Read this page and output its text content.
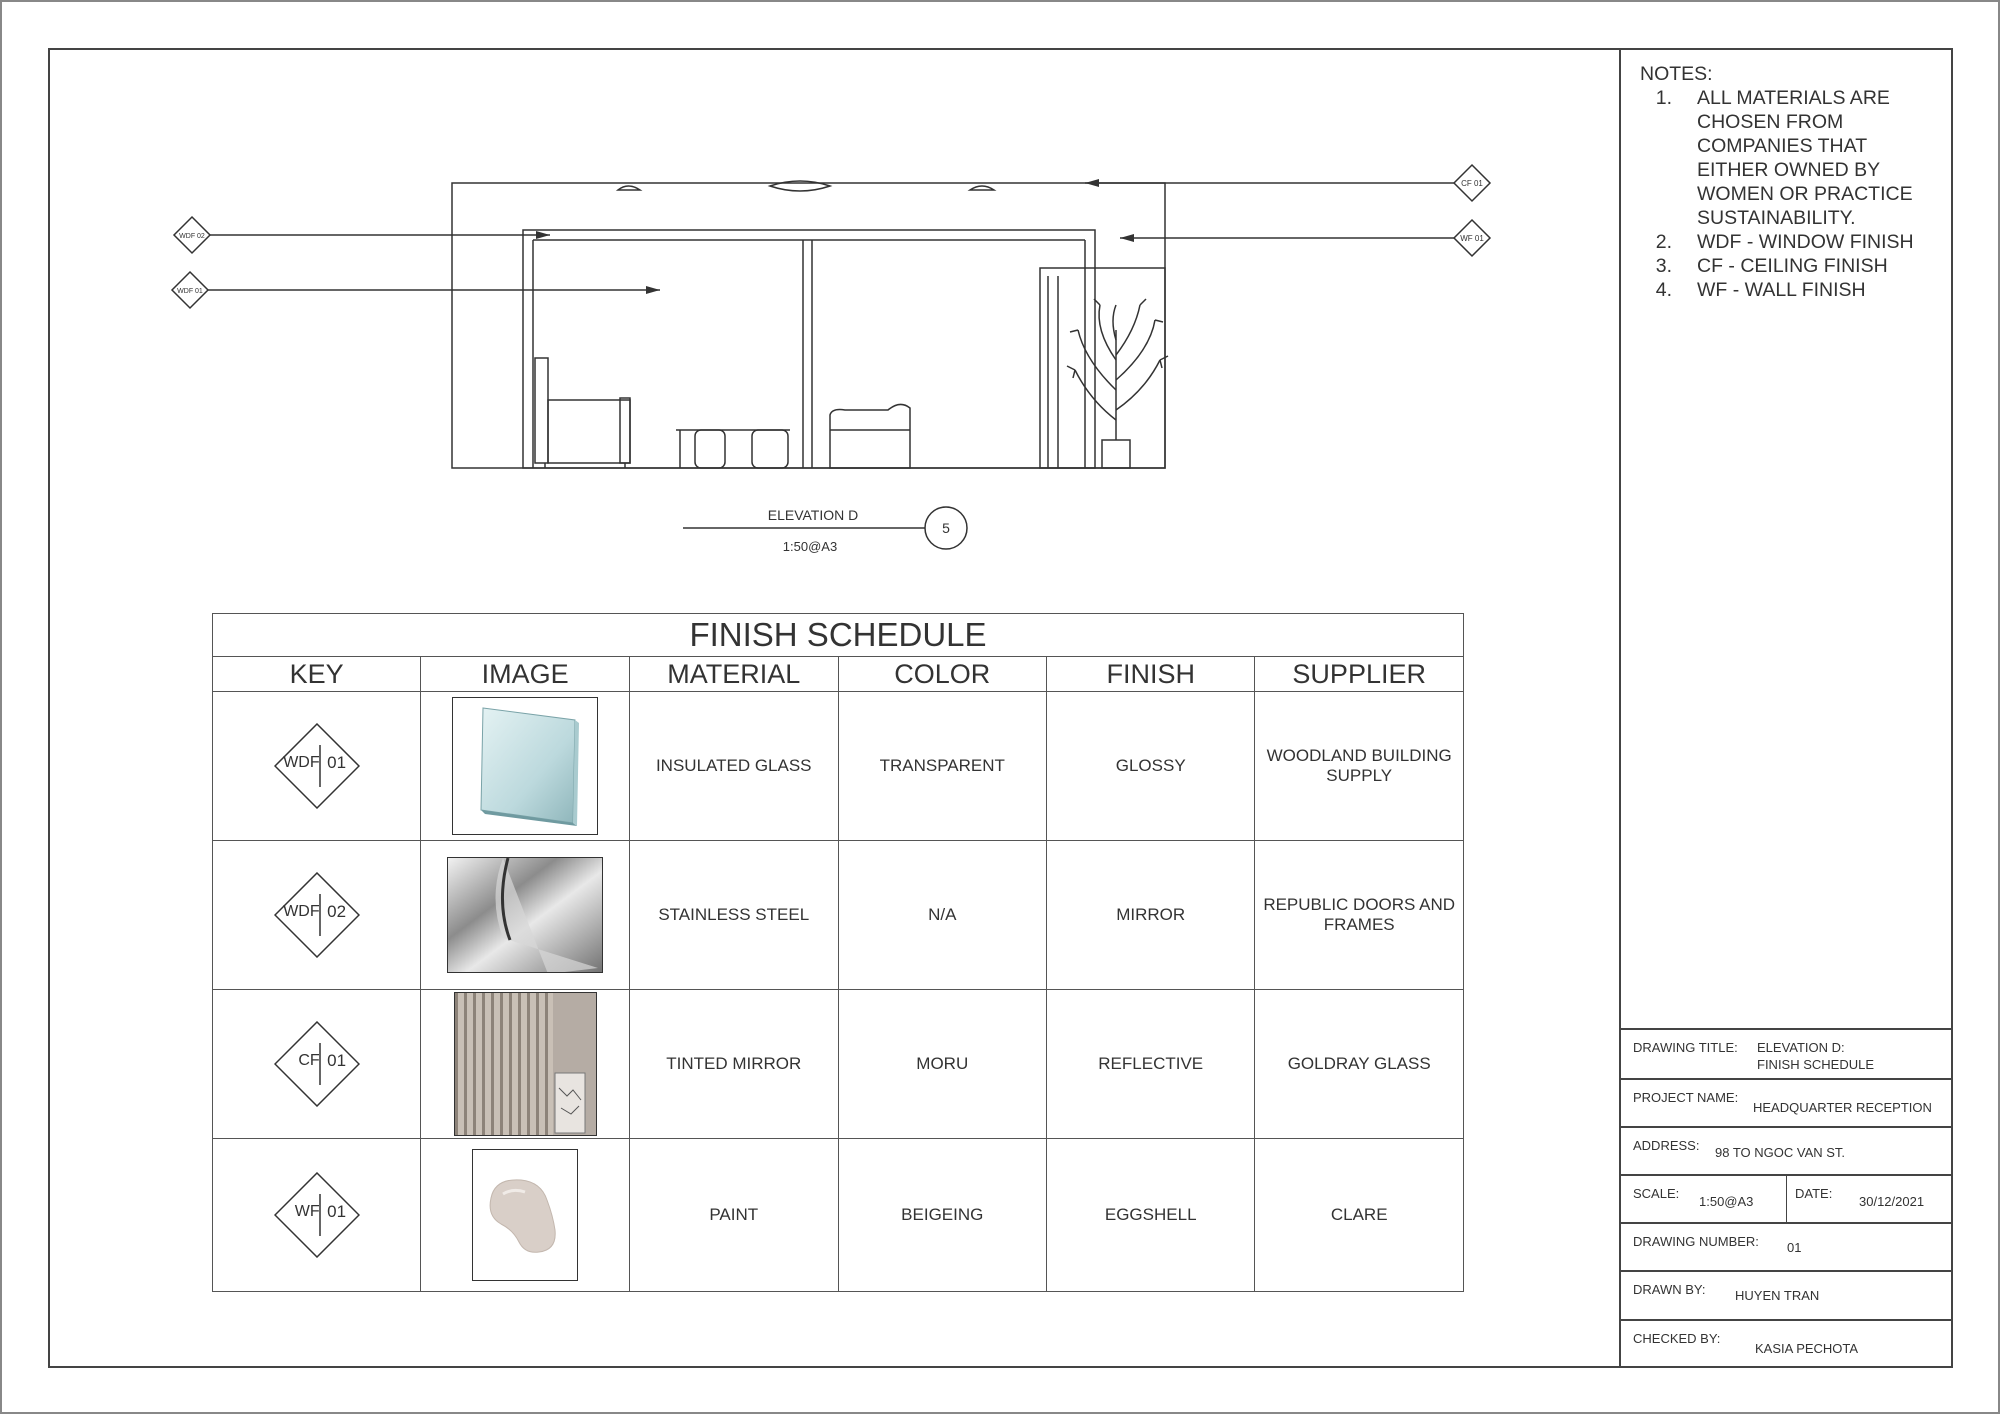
NOTES:
1.	ALL MATERIALS ARE CHOSEN FROM COMPANIES THAT EITHER OWNED BY WOMEN OR PRACTICE SUSTAINABILITY.
2.	WDF - WINDOW FINISH
3.	CF - CEILING FINISH
4.	WF - WALL FINISH
CF 01
WF 01
WDF 02
WDF 01
ELEVATION D
1:50@A3
5
FINISH SCHEDULE					
KEY	IMAGE	MATERIAL	COLOR	FINISH	SUPPLIER

WDF 01		INSULATED GLASS	TRANSPARENT	GLOSSY	WOODLAND BUILDING SUPPLY

WDF 02		STAINLESS STEEL	N/A	MIRROR	REPUBLIC DOORS AND FRAMES

CF 01		TINTED MIRROR	MORU	REFLECTIVE	GOLDRAY GLASS

WF 01		PAINT	BEIGEING	EGGSHELL	CLARE
DRAWING TITLE: ELEVATION D:
FINISH SCHEDULE
PROJECT NAME:
HEADQUARTER RECEPTION
ADDRESS: 98 TO NGOC VAN ST.
SCALE:
1:50@A3
DATE:
30/12/2021
DRAWING NUMBER: 01
DRAWN BY: HUYEN TRAN
CHECKED BY:
KASIA PECHOTA
